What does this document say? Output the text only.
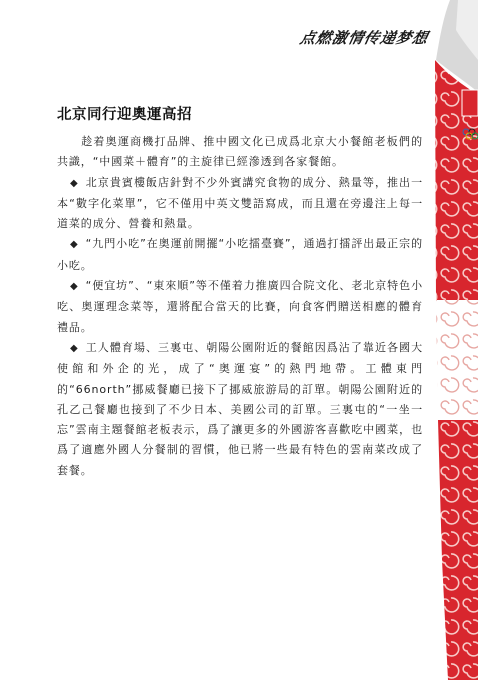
点燃激情传递梦想
北京同行迎奧運高招

趁着奥運商機打品牌、推中國文化已成爲北京大小餐館老板們的共識，“中國菜＋體育”的主旋律已經滲透到各家餐館。

◆ 北京貴賓樓飯店針對不少外賓講究食物的成分、熱量等，推出一本“數字化菜單”，它不僅用中英文雙語寫成，而且還在旁邊注上每一道菜的成分、營養和熱量。

◆ “九門小吃”在奥運前開擺“小吃擂臺賽”，通過打擂評出最正宗的小吃。

◆ “便宜坊”、“東來順”等不僅着力推廣四合院文化、老北京特色小吃、奥運理念菜等，還將配合當天的比賽，向食客們贈送相應的體育禮品。

◆ 工人體育場、三裏屯、朝陽公園附近的餐館因爲沾了靠近各國大使館和外企的光，成了“奥運宴”的熱門地帶。工體東門的“66north”挪威餐廳已接下了挪威旅游局的訂單。朝陽公園附近的孔乙己餐廳也接到了不少日本、美國公司的訂單。三裏屯的“一坐一忘”雲南主題餐館老板表示，爲了讓更多的外國游客喜歡吃中國菜，也爲了適應外國人分餐制的習慣，他已將一些最有特色的雲南菜改成了套餐。
